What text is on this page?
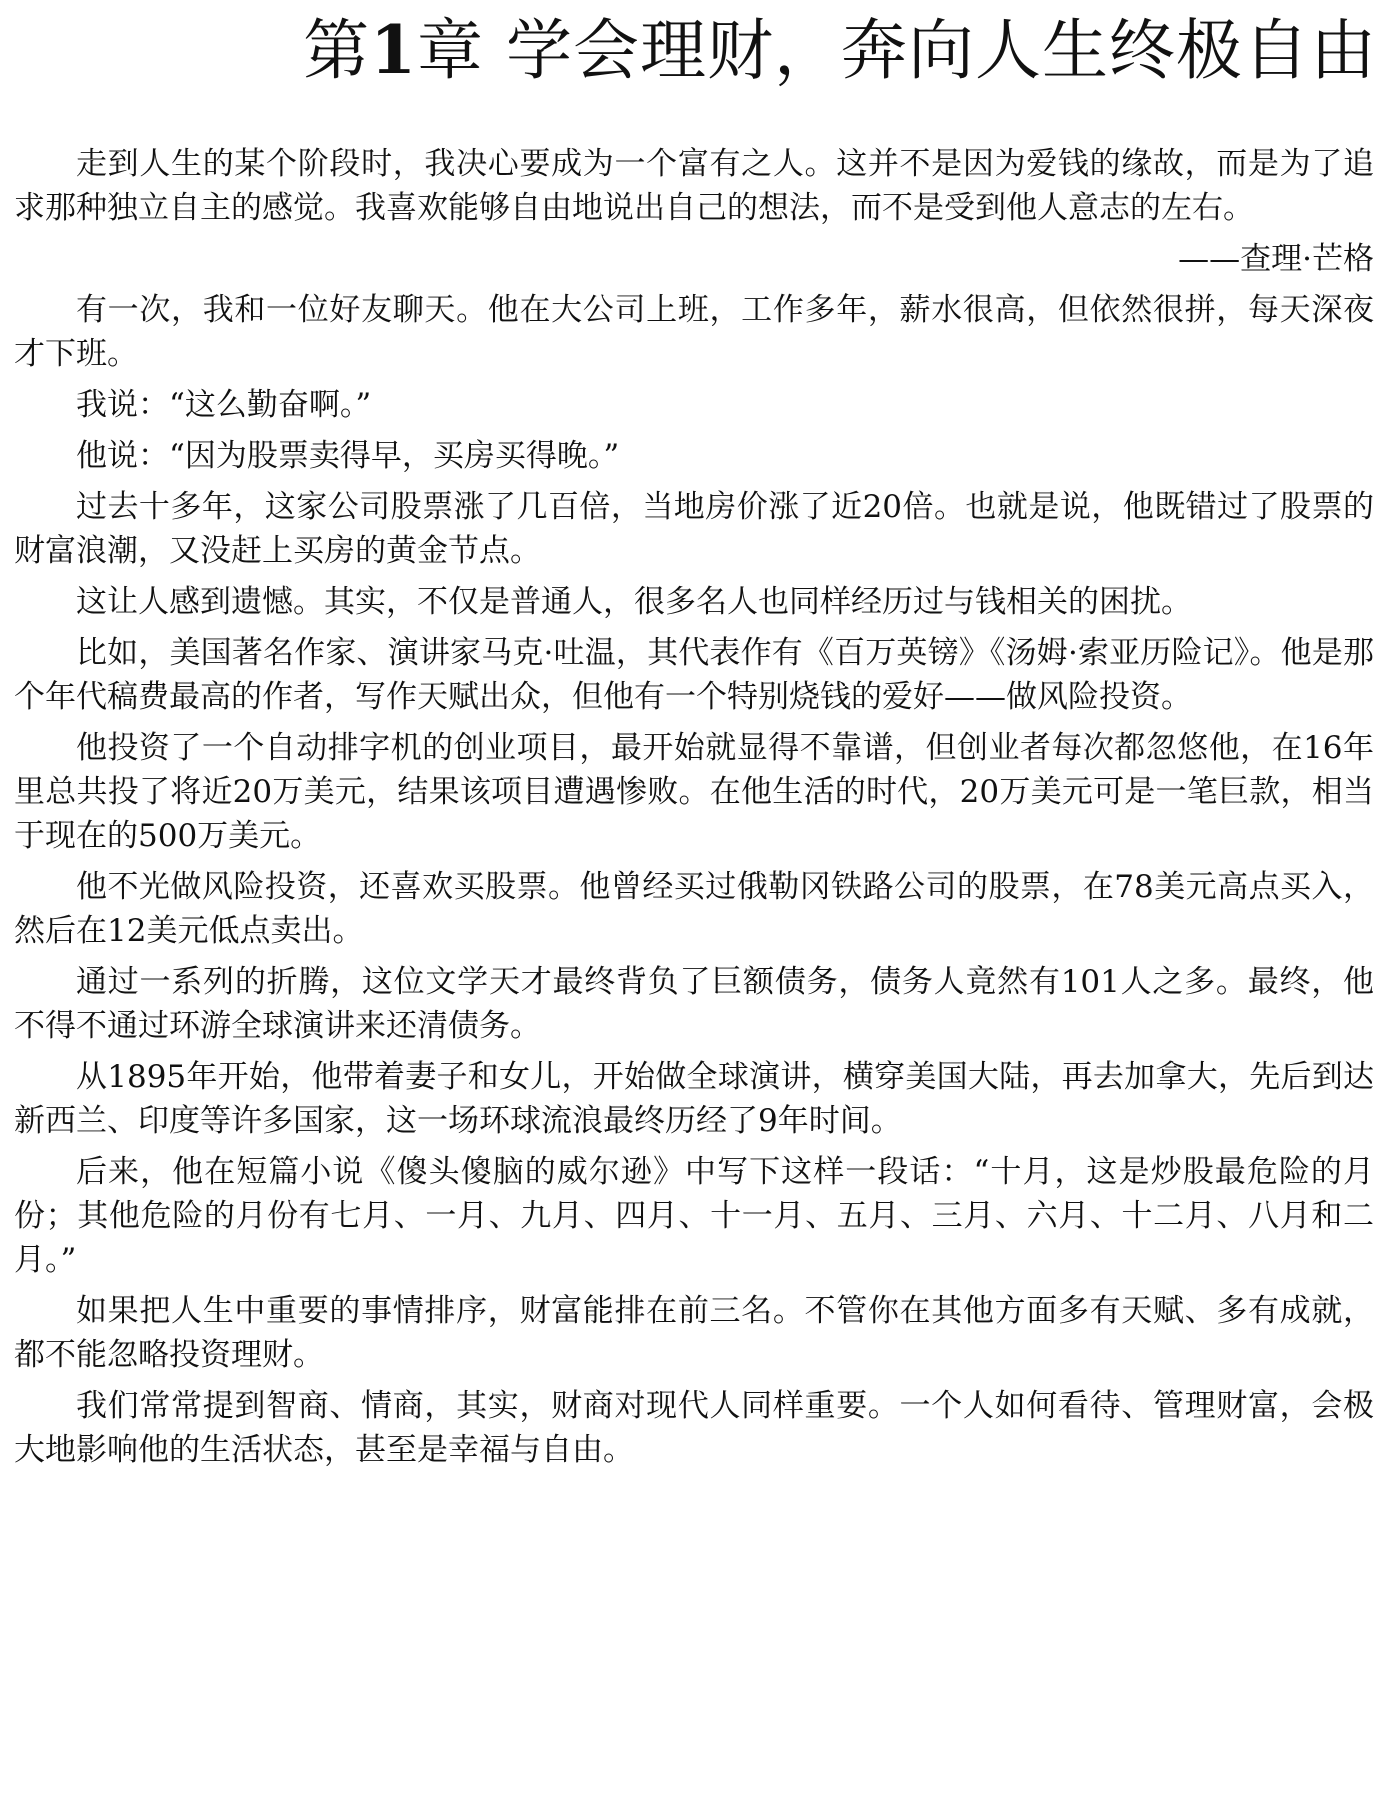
第1章 学会理财，奔向人生终极自由

走到人生的某个阶段时，我决心要成为一个富有之人。这并不是因为爱钱的缘故，而是为了追求那种独立自主的感觉。我喜欢能够自由地说出自己的想法，而不是受到他人意志的左右。

——查理·芒格

有一次，我和一位好友聊天。他在大公司上班，工作多年，薪水很高，但依然很拼，每天深夜才下班。

我说：“这么勤奋啊。”

他说：“因为股票卖得早，买房买得晚。”

过去十多年，这家公司股票涨了几百倍，当地房价涨了近20倍。也就是说，他既错过了股票的财富浪潮，又没赶上买房的黄金节点。

这让人感到遗憾。其实，不仅是普通人，很多名人也同样经历过与钱相关的困扰。

比如，美国著名作家、演讲家马克·吐温，其代表作有《百万英镑》《汤姆·索亚历险记》。他是那个年代稿费最高的作者，写作天赋出众，但他有一个特别烧钱的爱好——做风险投资。

他投资了一个自动排字机的创业项目，最开始就显得不靠谱，但创业者每次都忽悠他，在16年里总共投了将近20万美元，结果该项目遭遇惨败。在他生活的时代，20万美元可是一笔巨款，相当于现在的500万美元。

他不光做风险投资，还喜欢买股票。他曾经买过俄勒冈铁路公司的股票，在78美元高点买入，然后在12美元低点卖出。

通过一系列的折腾，这位文学天才最终背负了巨额债务，债务人竟然有101人之多。最终，他不得不通过环游全球演讲来还清债务。

从1895年开始，他带着妻子和女儿，开始做全球演讲，横穿美国大陆，再去加拿大，先后到达新西兰、印度等许多国家，这一场环球流浪最终历经了9年时间。

后来，他在短篇小说《傻头傻脑的威尔逊》中写下这样一段话：“十月，这是炒股最危险的月份；其他危险的月份有七月、一月、九月、四月、十一月、五月、三月、六月、十二月、八月和二月。”

如果把人生中重要的事情排序，财富能排在前三名。不管你在其他方面多有天赋、多有成就，都不能忽略投资理财。

我们常常提到智商、情商，其实，财商对现代人同样重要。一个人如何看待、管理财富，会极大地影响他的生活状态，甚至是幸福与自由。
